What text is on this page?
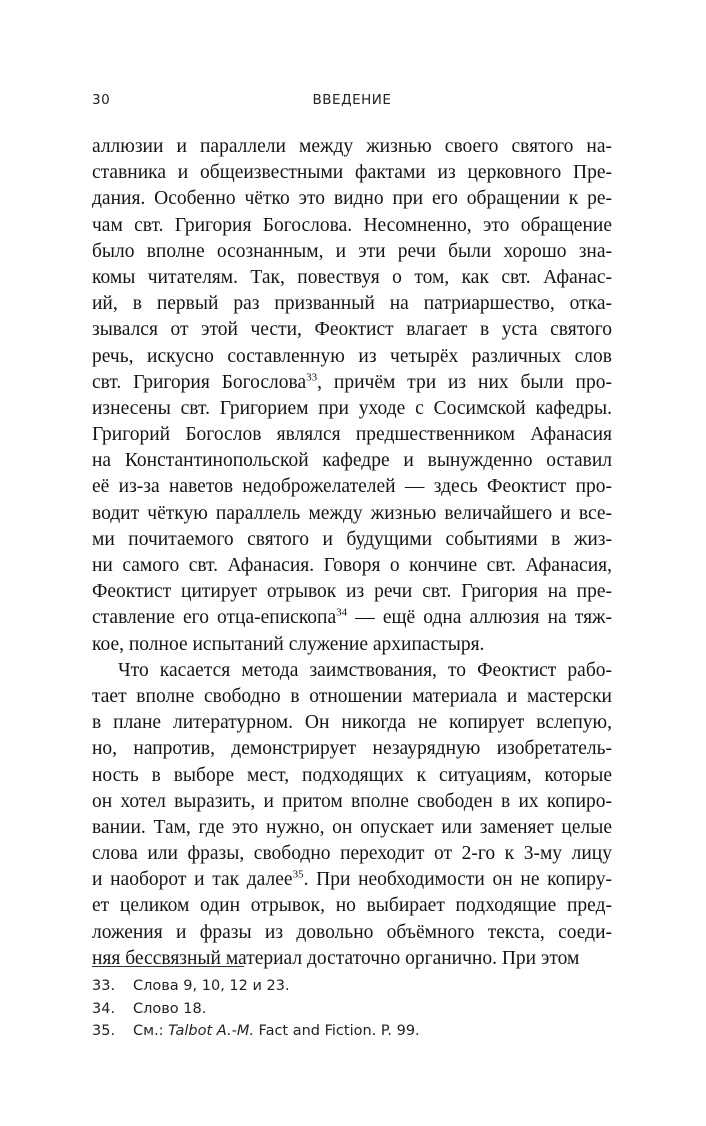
30	ВВЕДЕНИЕ
аллюзии и параллели между жизнью своего святого на-
ставника и общеизвестными фактами из церковного Пре-
дания. Особенно чётко это видно при его обращении к ре-
чам свт. Григория Богослова. Несомненно, это обращение
было вполне осознанным, и эти речи были хорошо зна-
комы читателям. Так, повествуя о том, как свт. Афанас-
ий, в первый раз призванный на патриаршество, отка-
зывался от этой чести, Феоктист влагает в уста святого
речь, искусно составленную из четырёх различных слов
свт. Григория Богослова$^{33}$, причём три из них были про-
изнесены свт. Григорием при уходе с Сосимской кафедры.
Григорий Богослов являлся предшественником Афанасия
на Константинопольской кафедре и вынужденно оставил
её из-за наветов недоброжелателей — здесь Феоктист про-
водит чёткую параллель между жизнью величайшего и все-
ми почитаемого святого и будущими событиями в жиз-
ни самого свт. Афанасия. Говоря о кончине свт. Афанасия,
Феоктист цитирует отрывок из речи свт. Григория на пре-
ставление его отца-епископа$^{34}$ — ещё одна аллюзия на тяж-
кое, полное испытаний служение архипастыря.
Что касается метода заимствования, то Феоктист рабо-
тает вполне свободно в отношении материала и мастерски
в плане литературном. Он никогда не копирует вслепую,
но, напротив, демонстрирует незаурядную изобретатель-
ность в выборе мест, подходящих к ситуациям, которые
он хотел выразить, и притом вполне свободен в их копиро-
вании. Там, где это нужно, он опускает или заменяет целые
слова или фразы, свободно переходит от 2-го к 3-му лицу
и наоборот и так далее$^{35}$. При необходимости он не копиру-
ет целиком один отрывок, но выбирает подходящие пред-
ложения и фразы из довольно объёмного текста, соеди-
няя бессвязный материал достаточно органично. При этом
33. Слова 9, 10, 12 и 23.
34. Слово 18.
35. См.: Talbot A.-M. Fact and Fiction. P. 99.
